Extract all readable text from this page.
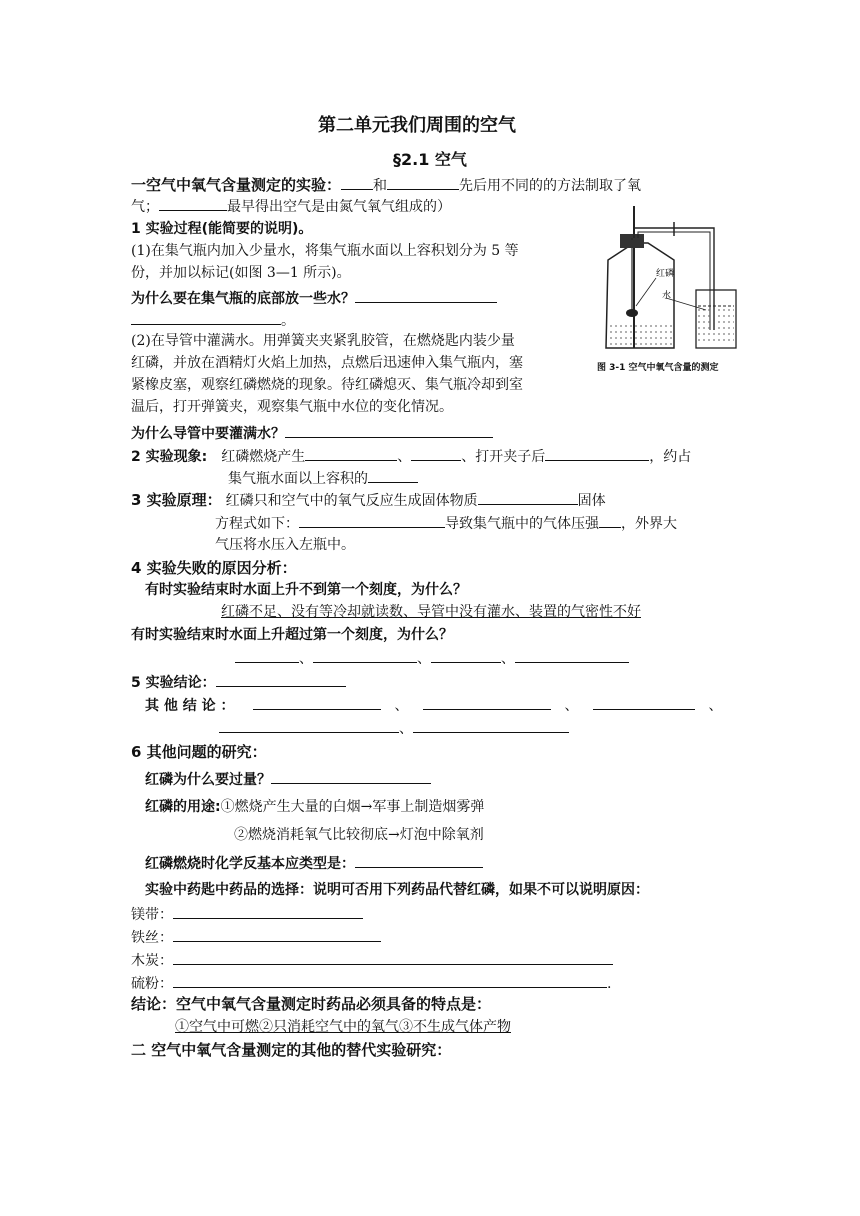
第二单元我们周围的空气
§2.1 空气
一空气中氧气含量测定的实验： 和	先后用不同的的方法制取了氧
气；	最早得出空气是由氮气氧气组成的）
1 实验过程(能简要的说明)。
(1)在集气瓶内加入少量水，将集气瓶水面以上容积划分为 5 等
份，并加以标记(如图 3—1 所示)。
为什么要在集气瓶的底部放一些水？
。
(2)在导管中灌满水。用弹簧夹夹紧乳胶管，在燃烧匙内装少量
红磷，并放在酒精灯火焰上加热，点燃后迅速伸入集气瓶内，塞
紧橡皮塞，观察红磷燃烧的现象。待红磷熄灭、集气瓶冷却到室
温后，打开弹簧夹，观察集气瓶中水位的变化情况。
红磷
水
图 3-1 空气中氧气含量的测定
为什么导管中要灌满水？
2 实验现象: 红磷燃烧产生	、	、打开夹子后	，约占
集气瓶水面以上容积的
3 实验原理： 红磷只和空气中的氧气反应生成固体物质	固体
方程式如下：	导致集气瓶中的气体压强 ，外界大
气压将水压入左瓶中。
4 实验失败的原因分析：
有时实验结束时水面上升不到第一个刻度，为什么？
红磷不足、没有等冷却就读数、导管中没有灌水、装置的气密性不好
有时实验结束时水面上升超过第一个刻度，为什么？
、	、	、
5 实验结论：
其 他 结 论 ：	、	、	、
、
6 其他问题的研究：
红磷为什么要过量？
红磷的用途:①燃烧产生大量的白烟→军事上制造烟雾弹
②燃烧消耗氧气比较彻底→灯泡中除氧剂
红磷燃烧时化学反基本应类型是：
实验中药匙中药品的选择：说明可否用下列药品代替红磷，如果不可以说明原因：
镁带：
铁丝：
木炭：
硫粉：	.
结论：空气中氧气含量测定时药品必须具备的特点是：
①空气中可燃②只消耗空气中的氧气③不生成气体产物
二 空气中氧气含量测定的其他的替代实验研究：
